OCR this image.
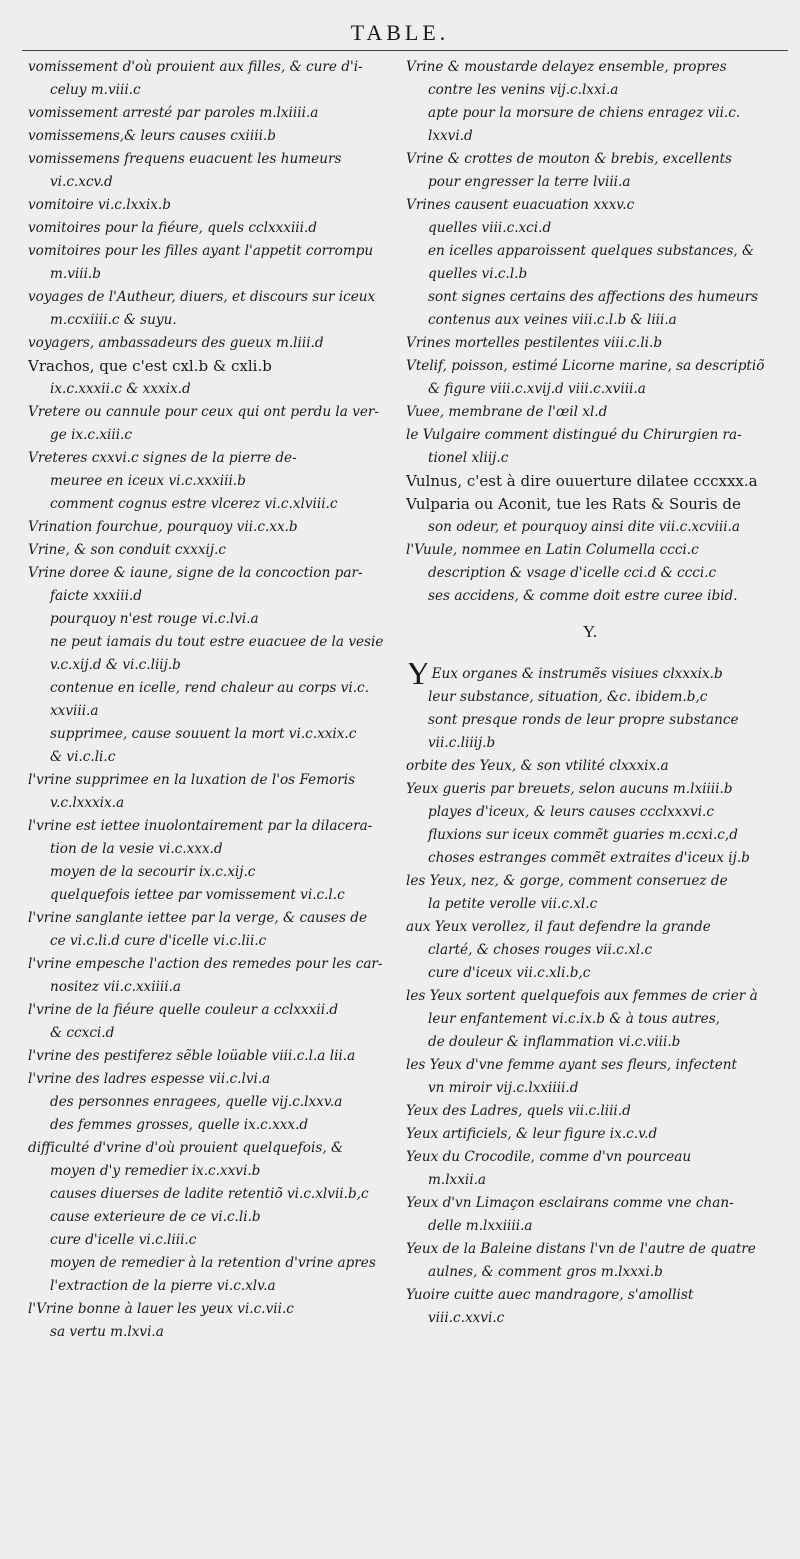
TABLE.
vomissement d'où prouient aux filles, & cure d'i-
celuy m.viii.c
vomissement arresté par paroles m.lxiiii.a
vomissemens,& leurs causes cxiiii.b
vomissemens frequens euacuent les humeurs
vi.c.xcv.d
vomitoire vi.c.lxxix.b
vomitoires pour la fiéure, quels cclxxxiii.d
vomitoires pour les filles ayant l'appetit corrompu
m.viii.b
voyages de l'Autheur, diuers, et discours sur iceux
m.ccxiiii.c & suyu.
voyagers, ambassadeurs des gueux m.liii.d
Vrachos, que c'est cxl.b & cxli.b
ix.c.xxxii.c & xxxix.d
Vretere ou cannule pour ceux qui ont perdu la ver-
ge ix.c.xiii.c
Vreteres cxxvi.c signes de la pierre de-
meuree en iceux vi.c.xxxiii.b
comment cognus estre vlcerez vi.c.xlviii.c
Vrination fourchue, pourquoy vii.c.xx.b
Vrine, & son conduit cxxxij.c
Vrine doree & iaune, signe de la concoction par-
faicte xxxiii.d
pourquoy n'est rouge vi.c.lvi.a
ne peut iamais du tout estre euacuee de la vesie
v.c.xij.d & vi.c.liij.b
contenue en icelle, rend chaleur au corps vi.c.
xxviii.a
supprimee, cause souuent la mort vi.c.xxix.c
& vi.c.li.c
l'vrine supprimee en la luxation de l'os Femoris
v.c.lxxxix.a
l'vrine est iettee inuolontairement par la dilacera-
tion de la vesie vi.c.xxx.d
moyen de la secourir ix.c.xij.c
quelquefois iettee par vomissement vi.c.l.c
l'vrine sanglante iettee par la verge, & causes de
ce vi.c.li.d cure d'icelle vi.c.lii.c
l'vrine empesche l'action des remedes pour les car-
nositez vii.c.xxiiii.a
l'vrine de la fiéure quelle couleur a cclxxxii.d
& ccxci.d
l'vrine des pestiferez sẽble loüable viii.c.l.a lii.a
l'vrine des ladres espesse vii.c.lvi.a
des personnes enragees, quelle vij.c.lxxv.a
des femmes grosses, quelle ix.c.xxx.d
difficulté d'vrine d'où prouient quelquefois, &
moyen d'y remedier ix.c.xxvi.b
causes diuerses de ladite retentiõ vi.c.xlvii.b,c
cause exterieure de ce vi.c.li.b
cure d'icelle vi.c.liii.c
moyen de remedier à la retention d'vrine apres
l'extraction de la pierre vi.c.xlv.a
l'Vrine bonne à lauer les yeux vi.c.vii.c
sa vertu m.lxvi.a
Vrine & moustarde delayez ensemble, propres
contre les venins vij.c.lxxi.a
apte pour la morsure de chiens enragez vii.c.
lxxvi.d
Vrine & crottes de mouton & brebis, excellents
pour engresser la terre lviii.a
Vrines causent euacuation xxxv.c
quelles viii.c.xci.d
en icelles apparoissent quelques substances, &
quelles vi.c.l.b
sont signes certains des affections des humeurs
contenus aux veines viii.c.l.b & liii.a
Vrines mortelles pestilentes viii.c.li.b
Vtelif, poisson, estimé Licorne marine, sa descriptiõ
& figure viii.c.xvij.d viii.c.xviii.a
Vuee, membrane de l'œil xl.d
le Vulgaire comment distingué du Chirurgien ra-
tionel xliij.c
Vulnus, c'est à dire ouuerture dilatee cccxxx.a
Vulparia ou Aconit, tue les Rats & Souris de
son odeur, et pourquoy ainsi dite vii.c.xcviii.a
l'Vuule, nommee en Latin Columella ccci.c
description & vsage d'icelle cci.d & ccci.c
ses accidens, & comme doit estre curee ibid.
Y.
YEux organes & instrumẽs visiues clxxxix.b
leur substance, situation, &c. ibidem.b,c
sont presque ronds de leur propre substance
vii.c.liiij.b
orbite des Yeux, & son vtilité clxxxix.a
Yeux gueris par breuets, selon aucuns m.lxiiii.b
playes d'iceux, & leurs causes ccclxxxvi.c
fluxions sur iceux commẽt guaries m.ccxi.c,d
choses estranges commẽt extraites d'iceux ij.b
les Yeux, nez, & gorge, comment conseruez de
la petite verolle vii.c.xl.c
aux Yeux verollez, il faut defendre la grande
clarté, & choses rouges vii.c.xl.c
cure d'iceux vii.c.xli.b,c
les Yeux sortent quelquefois aux femmes de crier à
leur enfantement vi.c.ix.b & à tous autres,
de douleur & inflammation vi.c.viii.b
les Yeux d'vne femme ayant ses fleurs, infectent
vn miroir vij.c.lxxiiii.d
Yeux des Ladres, quels vii.c.liii.d
Yeux artificiels, & leur figure ix.c.v.d
Yeux du Crocodile, comme d'vn pourceau
m.lxxii.a
Yeux d'vn Limaçon esclairans comme vne chan-
delle m.lxxiiii.a
Yeux de la Baleine distans l'vn de l'autre de quatre
aulnes, & comment gros m.lxxxi.b
Yuoire cuitte auec mandragore, s'amollist
viii.c.xxvi.c
